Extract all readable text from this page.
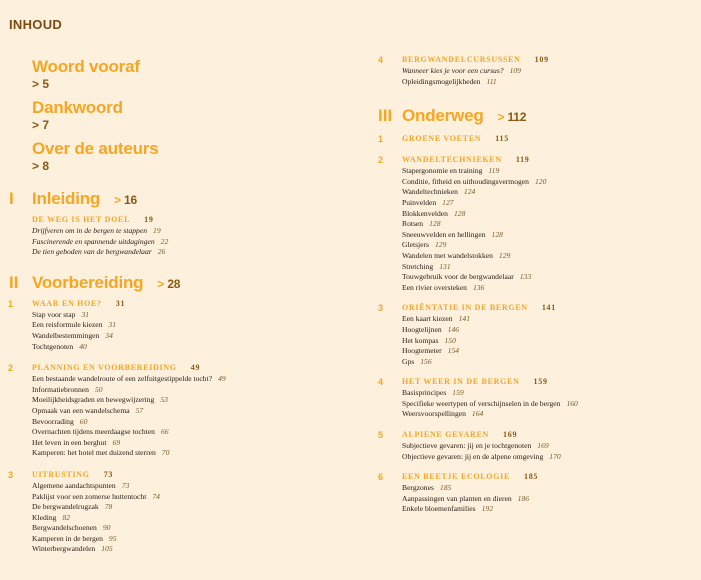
INHOUD
Woord vooraf
> 5
Dankwoord
> 7
Over de auteurs
> 8
I Inleiding > 16
DE WEG IS HET DOEL 19
Drijfveren om in de bergen te stappen 19
Fascinerende en spannende uitdagingen 22
De tien geboden van de bergwandelaar 26
II Voorbereiding > 28
1 WAAR EN HOE? 31
Stap voor stap 31
Een reisformule kiezen 31
Wandelbestemmingen 34
Tochtgenoten 40
2 PLANNING EN VOORBEREIDING 49
Een bestaande wandelroute of een zelfuitgestippelde tocht? 49
Informatiebronnen 50
Moeilijkheidsgraden en bewegwijzering 53
Opmaak van een wandelschema 57
Bevoorrading 60
Overnachten tijdens meerdaagse tochten 66
Het leven in een berghut 69
Kamperen: het hotel met duizend sterren 70
3 UITRUSTING 73
Algemene aandachtspunten 73
Paklijst voor een zomerse huttentocht 74
De bergwandelrugzak 78
Kleding 82
Bergwandelschoenen 90
Kamperen in de bergen 95
Winterbergwandelen 105
4 BERGWANDELCURSUSSEN 109
Wanneer kies je voor een cursus? 109
Opleidingsmogelijkheden 111
III Onderweg > 112
1 GROENE VOETEN 115
2 WANDELTECHNIEKEN 119
Stapergonomie en training 119
Conditie, fitheid en uithoudingsvermogen 120
Wandeltechnieken 124
Puinvelden 127
Blokkenvelden 128
Rotsen 128
Sneeuwvelden en hellingen 128
Gletsjers 129
Wandelen met wandelstokken 129
Stretching 131
Touwgebruik voor de bergwandelaar 133
Een rivier oversteken 136
3 ORIËNTATIE IN DE BERGEN 141
Een kaart kiezen 141
Hoogtelijnen 146
Het kompas 150
Hoogtemeter 154
Gps 156
4 HET WEER IN DE BERGEN 159
Basisprincipes 159
Specifieke weertypen of verschijnselen in de bergen 160
Weersvoorspellingen 164
5 ALPIENE GEVAREN 169
Subjectieve gevaren: jij en je tochtgenoten 169
Objectieve gevaren: jij en de alpene omgeving 170
6 EEN BEETJE ECOLOGIE 185
Bergzones 185
Aanpassingen van planten en dieren 186
Enkele bloemenfamilies 192
